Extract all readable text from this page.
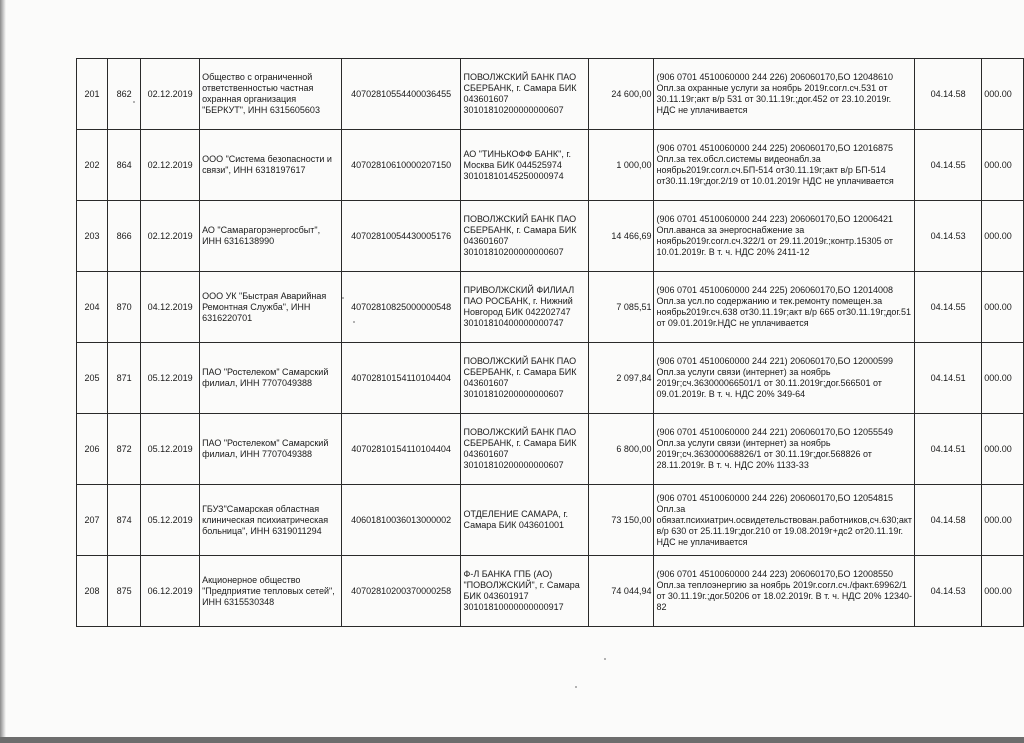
201	862	02.12.2019	Общество с ограниченной ответственностью частная охранная организация "БЕРКУТ", ИНН 6315605603	40702810554400036455	ПОВОЛЖСКИЙ БАНК ПАО СБЕРБАНК, г. Самара БИК 043601607 30101810200000000607	24 600,00	(906 0701 4510060000 244 226) 206060170,БО 12048610 Опл.за охранные услуги за ноябрь 2019г.согл.сч.531 от 30.11.19г;акт в/р 531 от 30.11.19г.;дог.452 от 23.10.2019г. НДС не уплачивается	04.14.58	000.00
202	864	02.12.2019	ООО "Система безопасности и связи", ИНН 6318197617	40702810610000207150	АО "ТИНЬКОФФ БАНК", г. Москва БИК 044525974 30101810145250000974	1 000,00	(906 0701 4510060000 244 225) 206060170,БО 12016875 Опл.за тех.обсл.системы видеонабл.за ноябрь2019г.согл.сч.БП-514 от30.11.19г;акт в/р БП-514 от30.11.19г;дог.2/19 от 10.01.2019г НДС не уплачивается	04.14.55	000.00
203	866	02.12.2019	АО "Самарагорэнергосбыт", ИНН 6316138990	40702810054430005176	ПОВОЛЖСКИЙ БАНК ПАО СБЕРБАНК, г. Самара БИК 043601607 30101810200000000607	14 466,69	(906 0701 4510060000 244 223) 206060170,БО 12006421 Опл.аванса за энергоснабжение за ноябрь2019г.согл.сч.322/1 от 29.11.2019г.;контр.15305 от 10.01.2019г. В т. ч. НДС 20% 2411-12	04.14.53	000.00
204	870	04.12.2019	ООО УК "Быстрая Аварийная Ремонтная Служба", ИНН 6316220701	40702810825000000548	ПРИВОЛЖСКИЙ ФИЛИАЛ ПАО РОСБАНК, г. Нижний Новгород БИК 042202747 30101810400000000747	7 085,51	(906 0701 4510060000 244 225) 206060170,БО 12014008 Опл.за усл.по содержанию и тек.ремонту помещен.за ноябрь2019г.сч.638 от30.11.19г;акт в/р 665 от30.11.19г;дог.51 от 09.01.2019г.НДС не уплачивается	04.14.55	000.00
205	871	05.12.2019	ПАО "Ростелеком" Самарский филиал, ИНН 7707049388	40702810154110104404	ПОВОЛЖСКИЙ БАНК ПАО СБЕРБАНК, г. Самара БИК 043601607 30101810200000000607	2 097,84	(906 0701 4510060000 244 221) 206060170,БО 12000599 Опл.за услуги связи (интернет) за ноябрь 2019г;сч.363000066501/1 от 30.11.2019г;дог.566501 от 09.01.2019г. В т. ч. НДС 20% 349-64	04.14.51	000.00
206	872	05.12.2019	ПАО "Ростелеком" Самарский филиал, ИНН 7707049388	40702810154110104404	ПОВОЛЖСКИЙ БАНК ПАО СБЕРБАНК, г. Самара БИК 043601607 30101810200000000607	6 800,00	(906 0701 4510060000 244 221) 206060170,БО 12055549 Опл.за услуги связи (интернет) за ноябрь 2019г;сч.363000068826/1 от 30.11.19г;дог.568826 от 28.11.2019г. В т. ч. НДС 20% 1133-33	04.14.51	000.00
207	874	05.12.2019	ГБУЗ"Самарская областная клиническая психиатрическая больница", ИНН 6319011294	40601810036013000002	ОТДЕЛЕНИЕ САМАРА, г. Самара БИК 043601001	73 150,00	(906 0701 4510060000 244 226) 206060170,БО 12054815 Опл.за обязат.психиатрич.освидетельствован.работников,сч.630;акт в/р 630 от 25.11.19г;дог.210 от 19.08.2019г+дс2 от20.11.19г. НДС не уплачивается	04.14.58	000.00
208	875	06.12.2019	Акционерное общество "Предприятие тепловых сетей", ИНН 6315530348	40702810200370000258	Ф-Л БАНКА ГПБ (АО) "ПОВОЛЖСКИЙ", г. Самара БИК 043601917 30101810000000000917	74 044,94	(906 0701 4510060000 244 223) 206060170,БО 12008550 Опл.за теплоэнергию за ноябрь 2019г.согл.сч./факт.69962/1 от 30.11.19г.;дог.50206 от 18.02.2019г. В т. ч. НДС 20% 12340-82	04.14.53	000.00
